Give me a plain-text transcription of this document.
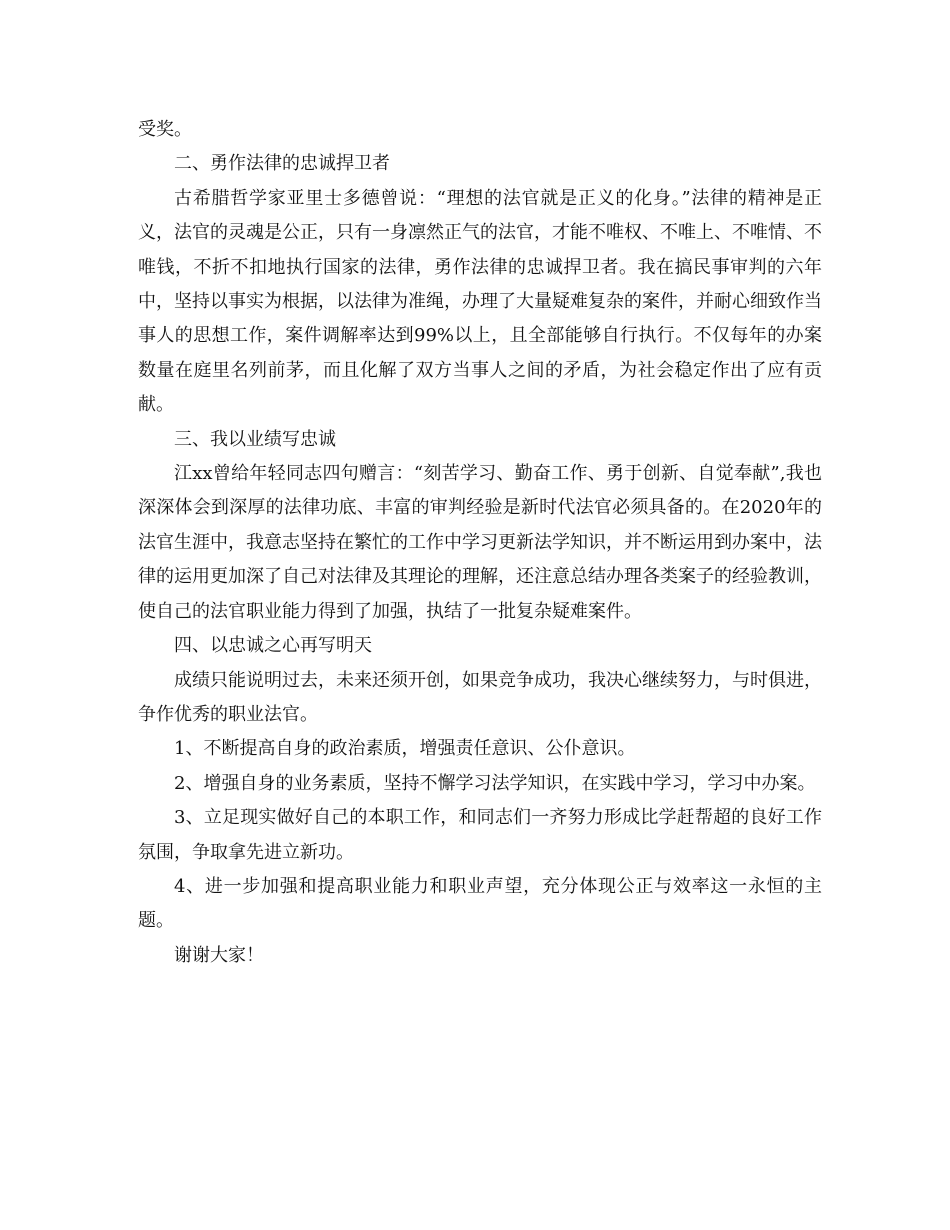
受奖。

二、勇作法律的忠诚捍卫者

古希腊哲学家亚里士多德曾说：“理想的法官就是正义的化身。”法律的精神是正义，法官的灵魂是公正，只有一身凛然正气的法官，才能不唯权、不唯上、不唯情、不唯钱，不折不扣地执行国家的法律，勇作法律的忠诚捍卫者。我在搞民事审判的六年中，坚持以事实为根据，以法律为准绳，办理了大量疑难复杂的案件，并耐心细致作当事人的思想工作，案件调解率达到99%以上，且全部能够自行执行。不仅每年的办案数量在庭里名列前茅，而且化解了双方当事人之间的矛盾，为社会稳定作出了应有贡献。

三、我以业绩写忠诚

江xx曾给年轻同志四句赠言：“刻苦学习、勤奋工作、勇于创新、自觉奉献”,我也深深体会到深厚的法律功底、丰富的审判经验是新时代法官必须具备的。在2020年的法官生涯中，我意志坚持在繁忙的工作中学习更新法学知识，并不断运用到办案中，法律的运用更加深了自己对法律及其理论的理解，还注意总结办理各类案子的经验教训，使自己的法官职业能力得到了加强，执结了一批复杂疑难案件。

四、以忠诚之心再写明天

成绩只能说明过去，未来还须开创，如果竞争成功，我决心继续努力，与时俱进，争作优秀的职业法官。

1、不断提高自身的政治素质，增强责任意识、公仆意识。

2、增强自身的业务素质，坚持不懈学习法学知识，在实践中学习，学习中办案。

3、立足现实做好自己的本职工作，和同志们一齐努力形成比学赶帮超的良好工作氛围，争取拿先进立新功。

4、进一步加强和提高职业能力和职业声望，充分体现公正与效率这一永恒的主题。

谢谢大家！
